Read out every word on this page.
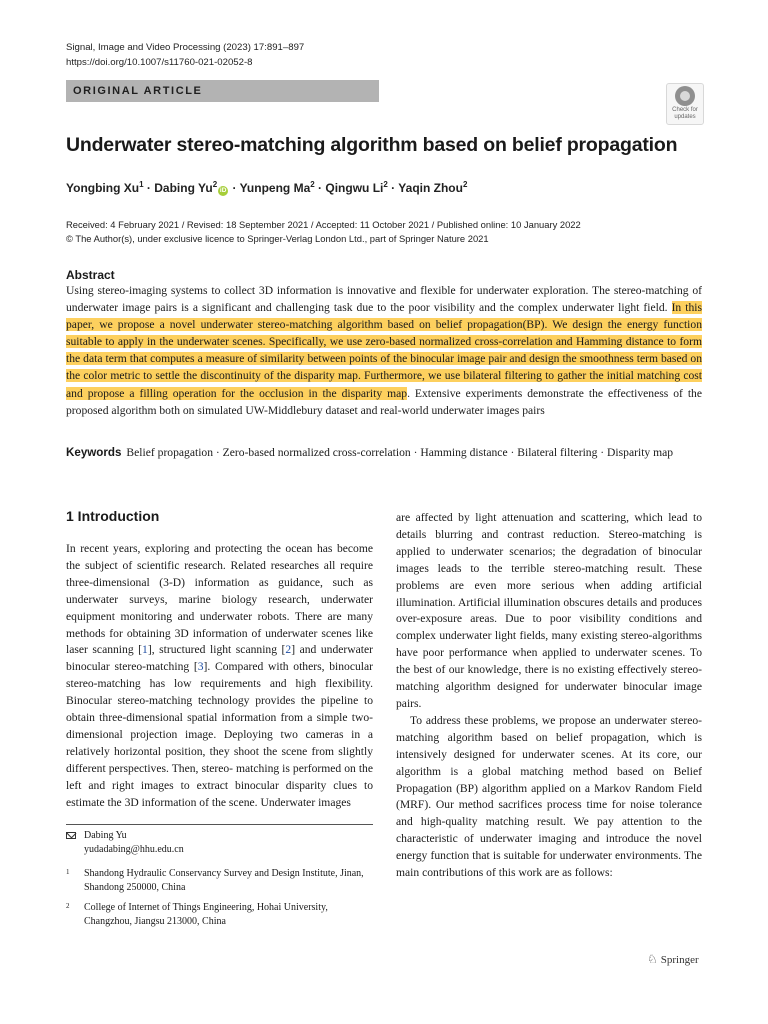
Signal, Image and Video Processing (2023) 17:891–897
https://doi.org/10.1007/s11760-021-02052-8
ORIGINAL ARTICLE
Check for
updates
Underwater stereo-matching algorithm based on belief propagation
Yongbing $Xu^1$ · Dabing $Yu^2iD$ · Yunpeng $Ma^2$ · Qingwu $Li^2$ · Yaqin Zhou$^2$
Received: 4 February 2021 / Revised: 18 September 2021 / Accepted: 11 October 2021 / Published online: 10 January 2022
© The Author(s), under exclusive licence to Springer-Verlag London Ltd., part of Springer Nature 2021
Abstract
Using stereo-imaging systems to collect 3D information is innovative and flexible for underwater exploration. The stereo-matching of underwater image pairs is a significant and challenging task due to the poor visibility and the complex underwater light field. In this paper, we propose a novel underwater stereo-matching algorithm based on belief propagation(BP). We design the energy function suitable to apply in the underwater scenes. Specifically, we use zero-based normalized cross-correlation and Hamming distance to form the data term that computes a measure of similarity between points of the binocular image pair and design the smoothness term based on the color metric to settle the discontinuity of the disparity map. Furthermore, we use bilateral filtering to gather the initial matching cost and propose a filling operation for the occlusion in the disparity map. Extensive experiments demonstrate the effectiveness of the proposed algorithm both on simulated UW-Middlebury dataset and real-world underwater images pairs
Keywords Belief propagation · Zero-based normalized cross-correlation · Hamming distance · Bilateral filtering · Disparity map
1 Introduction

In recent years, exploring and protecting the ocean has become the subject of scientific research. Related researches all require three-dimensional (3-D) information as guidance, such as underwater surveys, marine biology research, underwater equipment monitoring and underwater robots. There are many methods for obtaining 3D information of underwater scenes like laser scanning [1], structured light scanning [2] and underwater binocular stereo-matching [3]. Compared with others, binocular stereo-matching has low requirements and high flexibility. Binocular stereo-matching technology provides the pipeline to obtain three-dimensional spatial information from a simple two-dimensional projection image. Deploying two cameras in a relatively horizontal position, they shoot the scene from slightly different perspectives. Then, stereo- matching is performed on the left and right images to extract binocular disparity clues to estimate the 3D information of the scene. Underwater images

are affected by light attenuation and scattering, which lead to details blurring and contrast reduction. Stereo-matching is applied to underwater scenarios; the degradation of binocular images leads to the terrible stereo-matching result. These problems are even more serious when adding artificial illumination. Artificial illumination obscures details and produces over-exposure areas. Due to poor visibility conditions and complex underwater light fields, many existing stereo-algorithms have poor performance when applied to underwater scenes. To the best of our knowledge, there is no existing effectively stereo-matching algorithm designed for underwater binocular image pairs.

To address these problems, we propose an underwater stereo-matching algorithm based on belief propagation, which is intensively designed for underwater scenes. At its core, our algorithm is a global matching method based on Belief Propagation (BP) algorithm applied on a Markov Random Field (MRF). Our method sacrifices process time for noise tolerance and high-quality matching result. We pay attention to the characteristic of underwater imaging and introduce the novel energy function that is suitable for underwater environments. The main contributions of this work are as follows:

Dabing Yu
yudadabing@hhu.edu.cn
1 Shandong Hydraulic Conservancy Survey and Design Institute, Jinan, Shandong 250000, China
2 College of Internet of Things Engineering, Hohai University, Changzhou, Jiangsu 213000, China
♘ Springer
